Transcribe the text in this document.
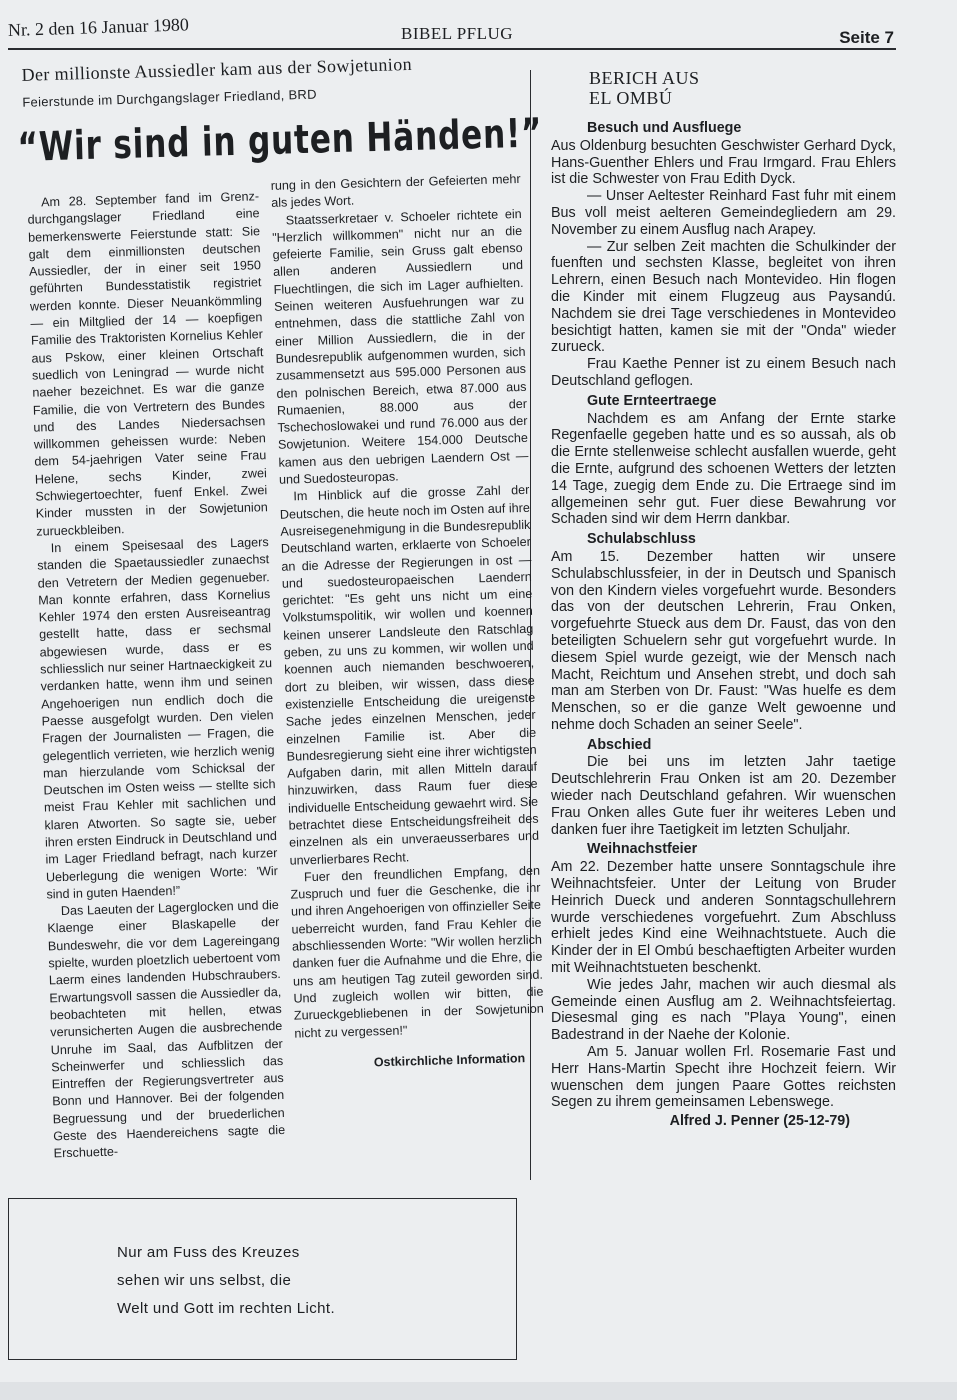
Nr. 2 den 16 Januar 1980	BIBEL PFLUG	Seite 7
Der millionste Aussiedler kam aus der Sowjetunion
Feierstunde im Durchgangslager Friedland, BRD
“Wir sind in guten Händen!”

Am 28. September fand im Grenz-durchgangslager Friedland eine bemerkenswerte Feierstunde statt: Sie galt dem einmillionsten deutschen Aussiedler, der in einer seit 1950 geführten Bundesstatistik registriet werden konnte. Dieser Neuankömmling — ein Miltglied der 14 — koepfigen Familie des Traktoristen Kornelius Kehler aus Pskow, einer kleinen Ortschaft suedlich von Leningrad — wurde nicht naeher bezeichnet. Es war die ganze Familie, die von Vertretern des Bundes und des Landes Niedersachsen willkommen geheissen wurde: Neben dem 54-jaehrigen Vater seine Frau Helene, sechs Kinder, zwei Schwiegertoechter, fuenf Enkel. Zwei Kinder mussten in der Sowjetunion zurueckbleiben.

In einem Speisesaal des Lagers standen die Spaetaussiedler zunaechst den Vetretern der Medien gegenueber. Man konnte erfahren, dass Kornelius Kehler 1974 den ersten Ausreiseantrag gestellt hatte, dass er sechsmal abgewiesen wurde, dass er es schliesslich nur seiner Hartnaeckigkeit zu verdanken hatte, wenn ihm und seinen Angehoerigen nun endlich doch die Paesse ausgefolgt wurden. Den vielen Fragen der Journalisten — Fragen, die gelegentlich verrieten, wie herzlich wenig man hierzulande vom Schicksal der Deutschen im Osten weiss — stellte sich meist Frau Kehler mit sachlichen und klaren Atworten. So sagte sie, ueber ihren ersten Eindruck in Deutschland und im Lager Friedland befragt, nach kurzer Ueberlegung die wenigen Worte: 'Wir sind in guten Haenden!”

Das Laeuten der Lagerglocken und die Klaenge einer Blaskapelle der Bundeswehr, die vor dem Lagereingang spielte, wurden ploetzlich uebertoent vom Laerm eines landenden Hubschraubers. Erwartungsvoll sassen die Aussiedler da, beobachteten mit hellen, etwas verunsicherten Augen die ausbrechende Unruhe im Saal, das Aufblitzen der Scheinwerfer und schliesslich das Eintreffen der Regierungsvertreter aus Bonn und Hannover. Bei der folgenden Begruessung und der bruederlichen Geste des Haendereichens sagte die Erschuette-

rung in den Gesichtern der Gefeierten mehr als jedes Wort.

Staatsserkretaer v. Schoeler richtete ein "Herzlich willkommen" nicht nur an die gefeierte Familie, sein Gruss galt ebenso allen anderen Aussiedlern und Fluechtlingen, die sich im Lager aufhielten. Seinen weiteren Ausfuehrungen war zu entnehmen, dass die stattliche Zahl von einer Million Aussiedlern, die in der Bundesrepublik aufgenommen wurden, sich zusammensetzt aus 595.000 Personen aus den polnischen Bereich, etwa 87.000 aus Rumaenien, 88.000 aus der Tschechoslowakei und rund 76.000 aus der Sowjetunion. Weitere 154.000 Deutsche kamen aus den uebrigen Laendern Ost — und Suedosteuropas.

Im Hinblick auf die grosse Zahl der Deutschen, die heute noch im Osten auf ihre Ausreisegenehmigung in die Bundesrepublik Deutschland warten, erklaerte von Schoeler an die Adresse der Regierungen in ost — und suedosteuropaeischen Laendern gerichtet: "Es geht uns nicht um eine Volkstumspolitik, wir wollen und koennen keinen unserer Landsleute den Ratschlag geben, zu uns zu kommen, wir wollen und koennen auch niemanden beschwoeren, dort zu bleiben, wir wissen, dass diese existenzielle Entscheidung die ureigenste Sache jedes einzelnen Menschen, jeder einzelnen Familie ist. Aber die Bundesregierung sieht eine ihrer wichtigsten Aufgaben darin, mit allen Mitteln darauf hinzuwirken, dass Raum fuer diese individuelle Entscheidung gewaehrt wird. Sie betrachtet diese Entscheidungsfreiheit des einzelnen als ein unveraeusserbares und unverlierbares Recht.

Fuer den freundlichen Empfang, den Zuspruch und fuer die Geschenke, die ihr und ihren Angehoerigen von offinzieller Seite ueberreicht wurden, fand Frau Kehler die abschliessenden Worte: "Wir wollen herzlich danken fuer die Aufnahme und die Ehre, die uns am heutigen Tag zuteil geworden sind. Und zugleich wollen wir bitten, die Zurueckgebliebenen in der Sowjetunion nicht zu vergessen!"

Ostkirchliche Information
Nur am Fuss des Kreuzes
sehen wir uns selbst, die
Welt und Gott im rechten Licht.
BERICH AUS
EL OMBÚ
Besuch und Ausfluege

Aus Oldenburg besuchten Geschwister Gerhard Dyck, Hans-Guenther Ehlers und Frau Irmgard. Frau Ehlers ist die Schwester von Frau Edith Dyck.

— Unser Aeltester Reinhard Fast fuhr mit einem Bus voll meist aelteren Gemeindegliedern am 29. November zu einem Ausflug nach Arapey.

— Zur selben Zeit machten die Schulkinder der fuenften und sechsten Klasse, begleitet von ihren Lehrern, einen Besuch nach Montevideo. Hin flogen die Kinder mit einem Flugzeug aus Paysandú. Nachdem sie drei Tage verschiedenes in Montevideo besichtigt hatten, kamen sie mit der "Onda" wieder zurueck.

Frau Kaethe Penner ist zu einem Besuch nach Deutschland geflogen.

Gute Ernteertraege

Nachdem es am Anfang der Ernte starke Regenfaelle gegeben hatte und es so aussah, als ob die Ernte stellenweise schlecht ausfallen wuerde, geht die Ernte, aufgrund des schoenen Wetters der letzten 14 Tage, zuegig dem Ende zu. Die Ertraege sind im allgemeinen sehr gut. Fuer diese Bewahrung vor Schaden sind wir dem Herrn dankbar.

Schulabschluss

Am 15. Dezember hatten wir unsere Schulabschlussfeier, in der in Deutsch und Spanisch von den Kindern vieles vorgefuehrt wurde. Besonders das von der deutschen Lehrerin, Frau Onken, vorgefuehrte Stueck aus dem Dr. Faust, das von den beteiligten Schuelern sehr gut vorgefuehrt wurde. In diesem Spiel wurde gezeigt, wie der Mensch nach Macht, Reichtum und Ansehen strebt, und doch sah man am Sterben von Dr. Faust: "Was huelfe es dem Menschen, so er die ganze Welt gewoenne und nehme doch Schaden an seiner Seele".

Abschied

Die bei uns im letzten Jahr taetige Deutschlehrerin Frau Onken ist am 20. Dezember wieder nach Deutschland gefahren. Wir wuenschen Frau Onken alles Gute fuer ihr weiteres Leben und danken fuer ihre Taetigkeit im letzten Schuljahr.

Weihnachstfeier

Am 22. Dezember hatte unsere Sonntagschule ihre Weihnachtsfeier. Unter der Leitung von Bruder Heinrich Dueck und anderen Sonntagschullehrern wurde verschiedenes vorgefuehrt. Zum Abschluss erhielt jedes Kind eine Weihnachtstuete. Auch die Kinder der in El Ombú beschaeftigten Arbeiter wurden mit Weihnachtstueten beschenkt.

Wie jedes Jahr, machen wir auch diesmal als Gemeinde einen Ausflug am 2. Weihnachtsfeiertag. Diesesmal ging es nach "Playa Young", einen Badestrand in der Naehe der Kolonie.

Am 5. Januar wollen Frl. Rosemarie Fast und Herr Hans-Martin Specht ihre Hochzeit feiern. Wir wuenschen dem jungen Paare Gottes reichsten Segen zu ihrem gemeinsamen Lebenswege.

Alfred J. Penner (25-12-79)
